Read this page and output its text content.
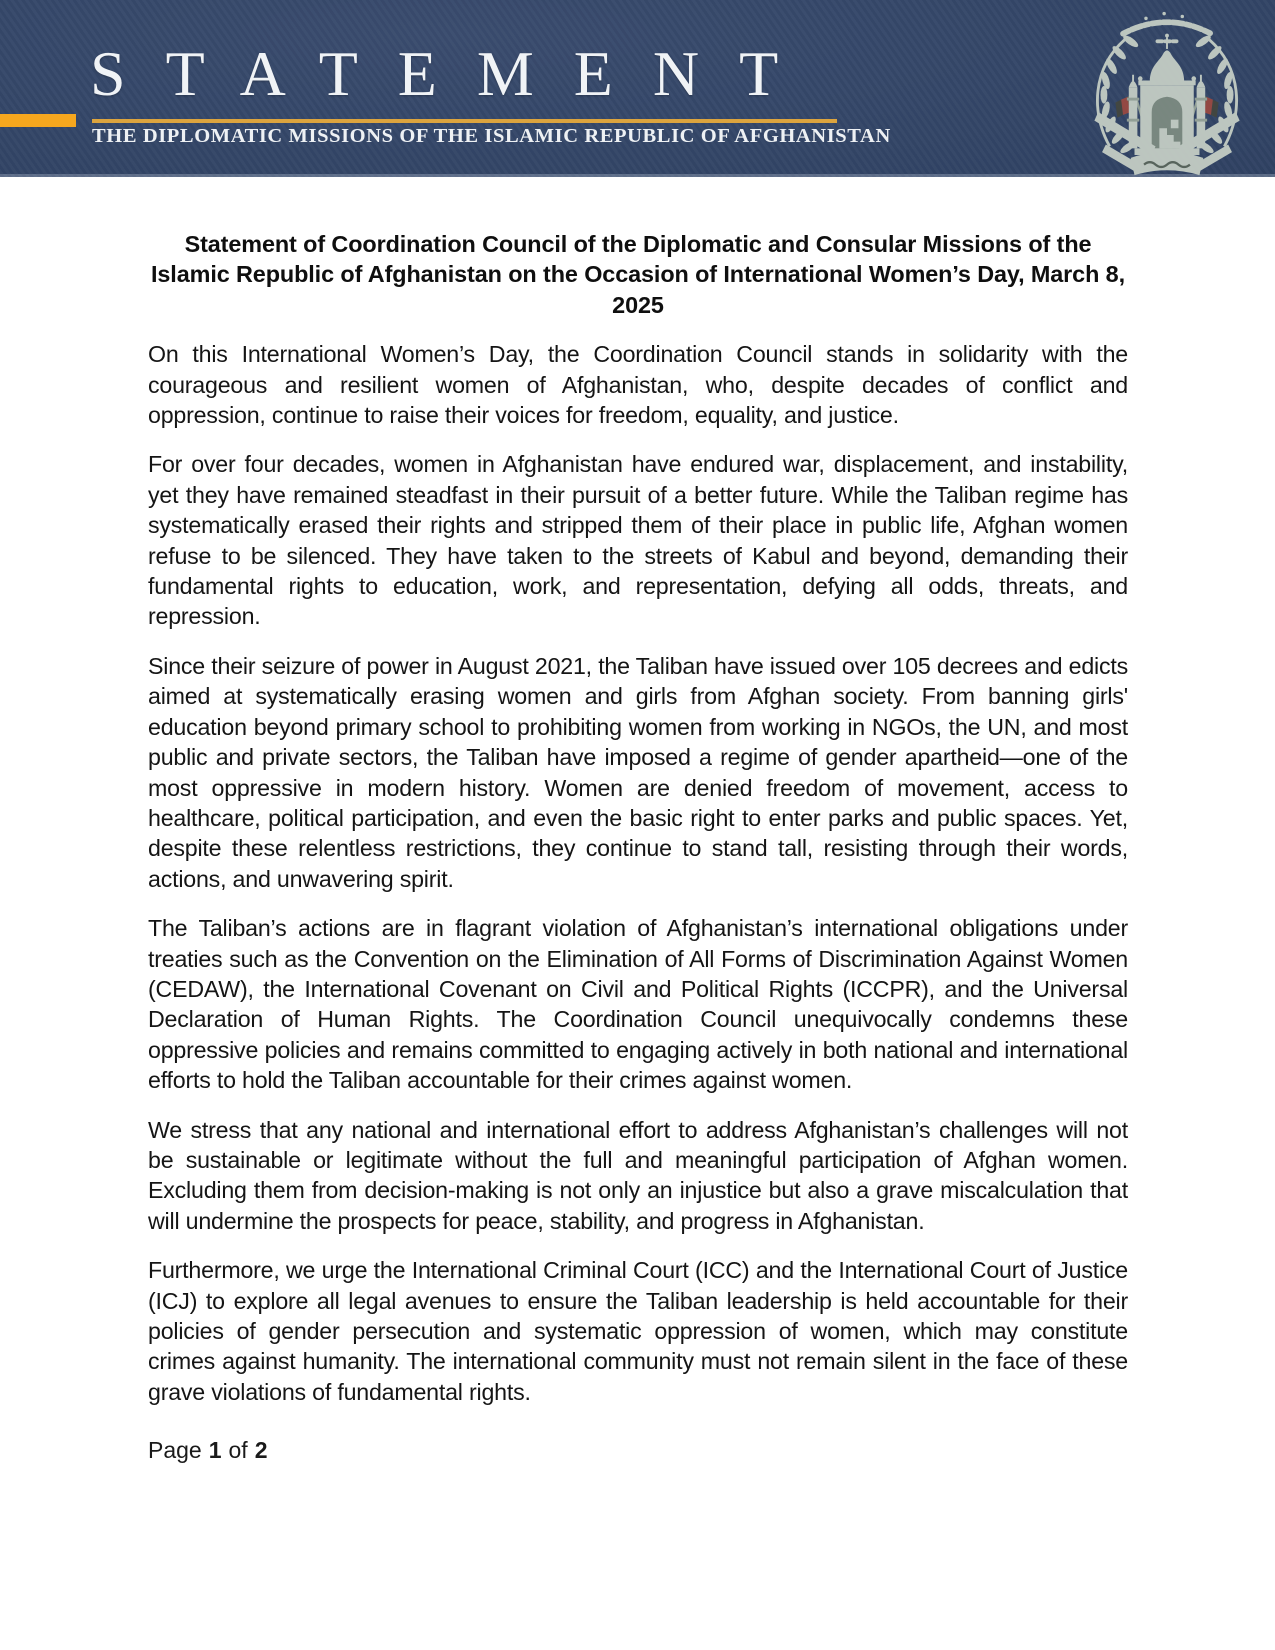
STATEMENT
THE DIPLOMATIC MISSIONS OF THE ISLAMIC REPUBLIC OF AFGHANISTAN
Statement of Coordination Council of the Diplomatic and Consular Missions of the Islamic Republic of Afghanistan on the Occasion of International Women’s Day, March 8, 2025

On this International Women’s Day, the Coordination Council stands in solidarity with the courageous and resilient women of Afghanistan, who, despite decades of conflict and oppression, continue to raise their voices for freedom, equality, and justice.

For over four decades, women in Afghanistan have endured war, displacement, and instability, yet they have remained steadfast in their pursuit of a better future. While the Taliban regime has systematically erased their rights and stripped them of their place in public life, Afghan women refuse to be silenced. They have taken to the streets of Kabul and beyond, demanding their fundamental rights to education, work, and representation, defying all odds, threats, and repression.

Since their seizure of power in August 2021, the Taliban have issued over 105 decrees and edicts aimed at systematically erasing women and girls from Afghan society. From banning girls' education beyond primary school to prohibiting women from working in NGOs, the UN, and most public and private sectors, the Taliban have imposed a regime of gender apartheid—one of the most oppressive in modern history. Women are denied freedom of movement, access to healthcare, political participation, and even the basic right to enter parks and public spaces. Yet, despite these relentless restrictions, they continue to stand tall, resisting through their words, actions, and unwavering spirit.

The Taliban’s actions are in flagrant violation of Afghanistan’s international obligations under treaties such as the Convention on the Elimination of All Forms of Discrimination Against Women (CEDAW), the International Covenant on Civil and Political Rights (ICCPR), and the Universal Declaration of Human Rights. The Coordination Council unequivocally condemns these oppressive policies and remains committed to engaging actively in both national and international efforts to hold the Taliban accountable for their crimes against women.

We stress that any national and international effort to address Afghanistan’s challenges will not be sustainable or legitimate without the full and meaningful participation of Afghan women. Excluding them from decision-making is not only an injustice but also a grave miscalculation that will undermine the prospects for peace, stability, and progress in Afghanistan.

Furthermore, we urge the International Criminal Court (ICC) and the International Court of Justice (ICJ) to explore all legal avenues to ensure the Taliban leadership is held accountable for their policies of gender persecution and systematic oppression of women, which may constitute crimes against humanity. The international community must not remain silent in the face of these grave violations of fundamental rights.

Page 1 of 2
